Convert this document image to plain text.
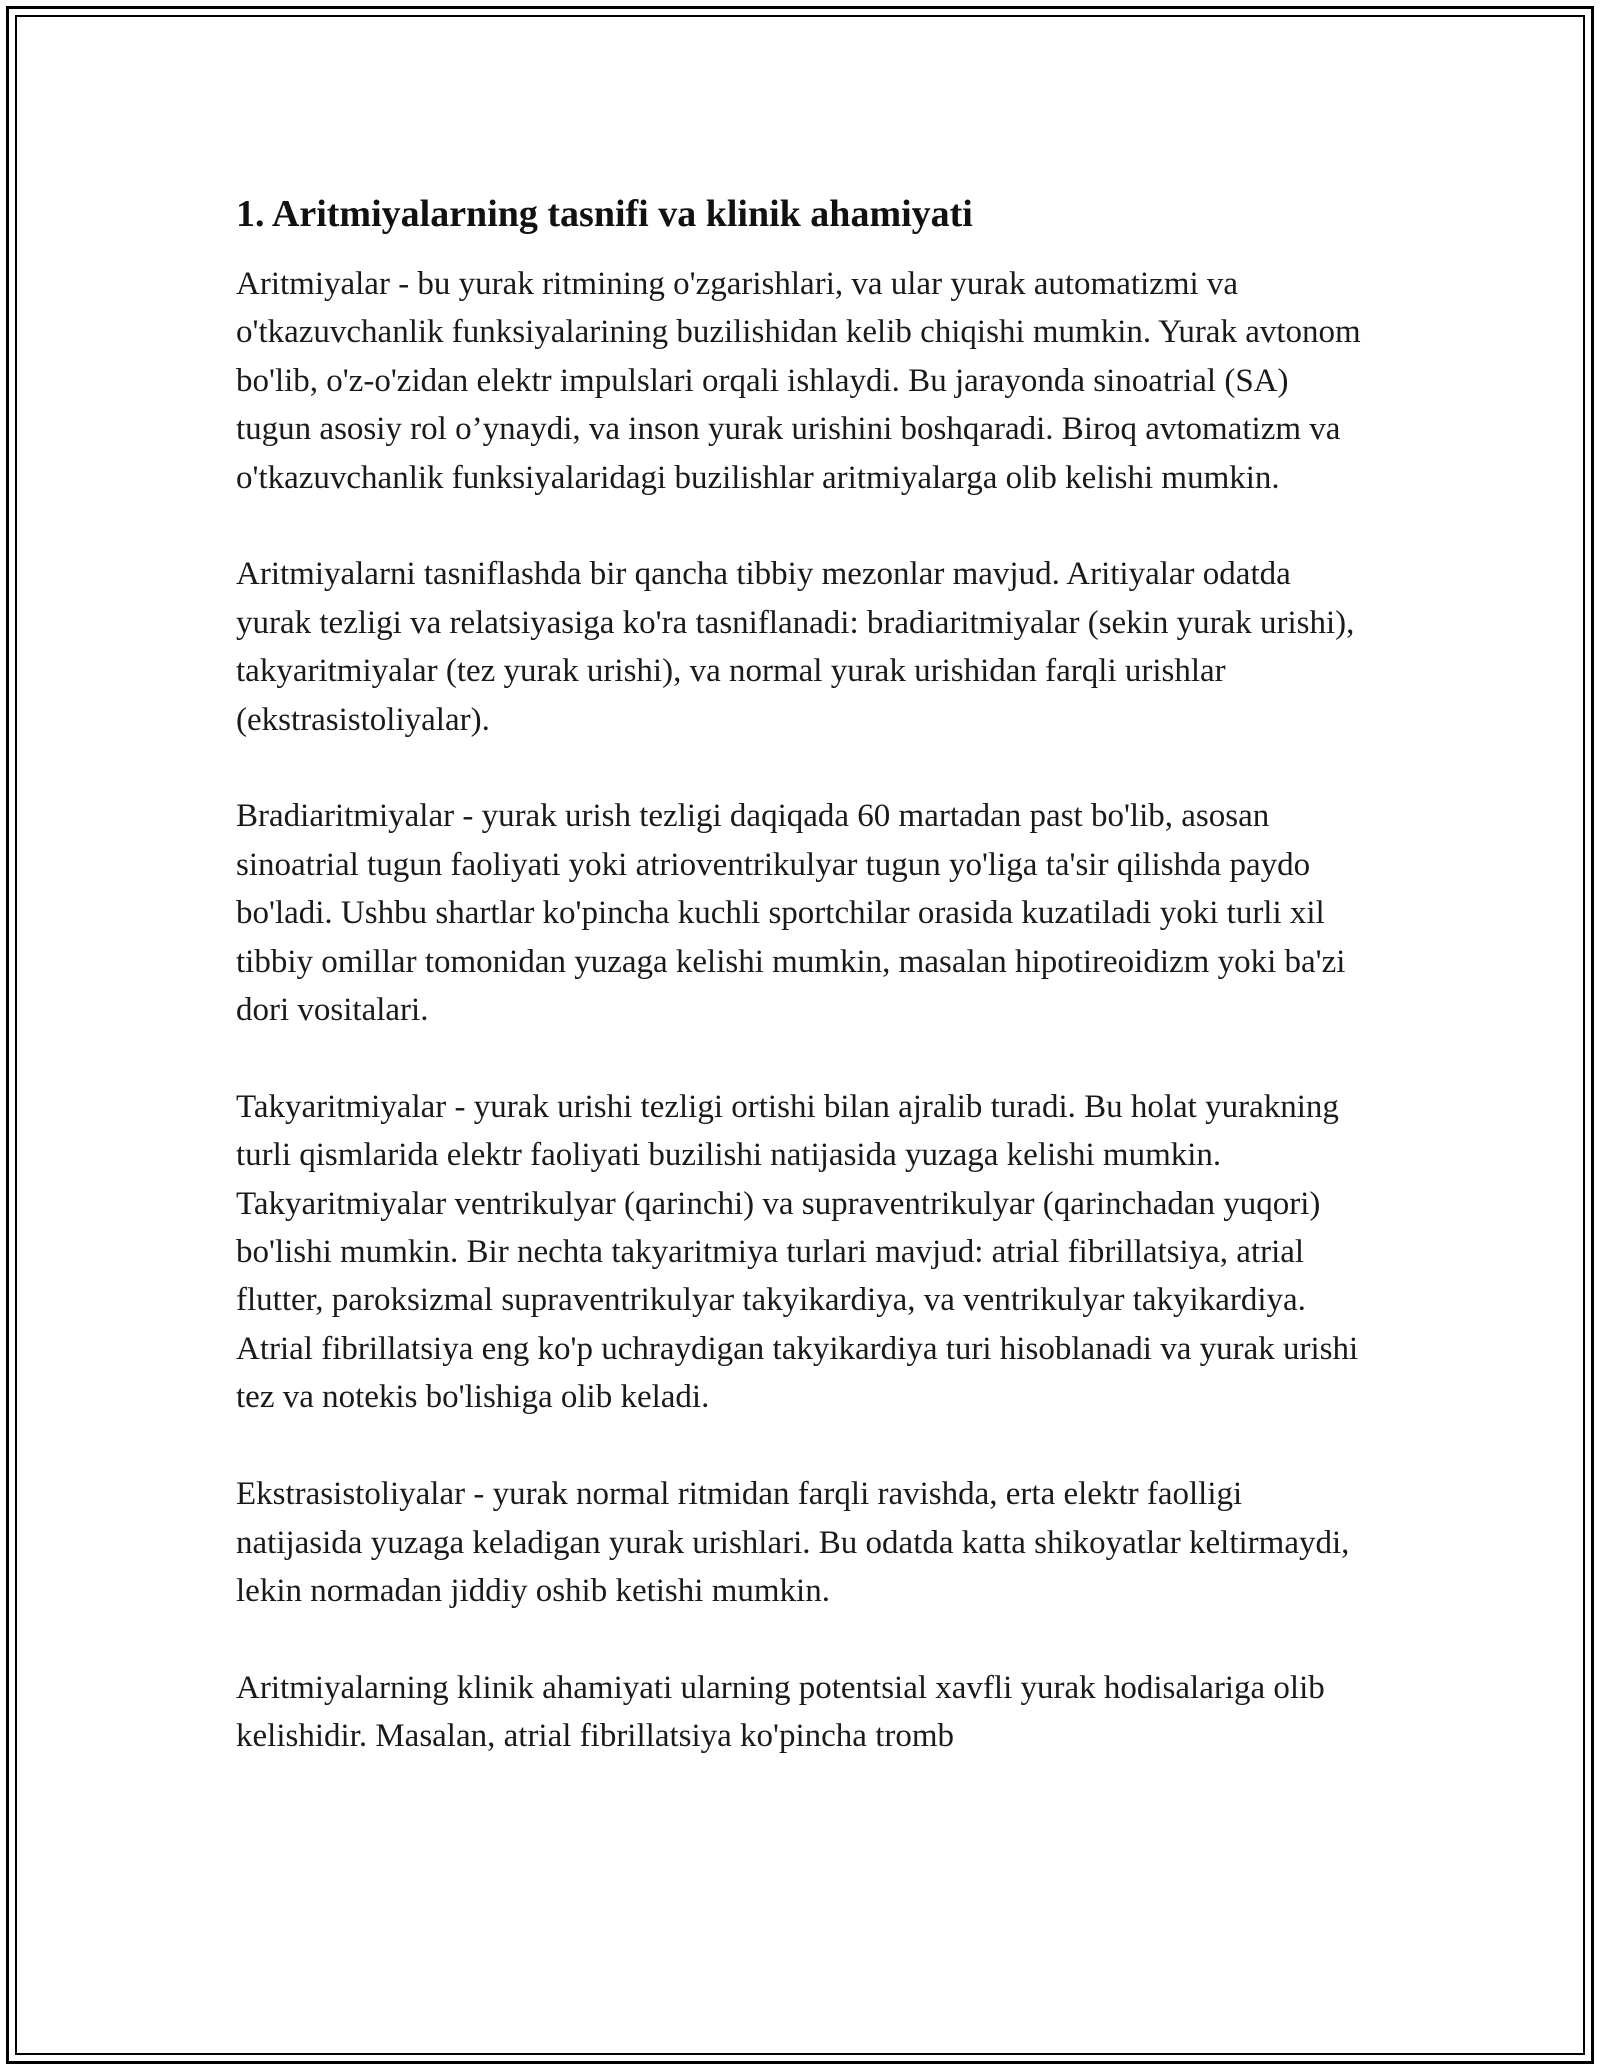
1. Aritmiyalarning tasnifi va klinik ahamiyati

Aritmiyalar - bu yurak ritmining o'zgarishlari, va ular yurak automatizmi va o'tkazuvchanlik funksiyalarining buzilishidan kelib chiqishi mumkin. Yurak avtonom bo'lib, o'z-o'zidan elektr impulslari orqali ishlaydi. Bu jarayonda sinoatrial (SA) tugun asosiy rol o’ynaydi, va inson yurak urishini boshqaradi. Biroq avtomatizm va o'tkazuvchanlik funksiyalaridagi buzilishlar aritmiyalarga olib kelishi mumkin.

Aritmiyalarni tasniflashda bir qancha tibbiy mezonlar mavjud. Aritiyalar odatda yurak tezligi va relatsiyasiga ko'ra tasniflanadi: bradiaritmiyalar (sekin yurak urishi), takyaritmiyalar (tez yurak urishi), va normal yurak urishidan farqli urishlar (ekstrasistoliyalar).

Bradiaritmiyalar - yurak urish tezligi daqiqada 60 martadan past bo'lib, asosan sinoatrial tugun faoliyati yoki atrioventrikulyar tugun yo'liga ta'sir qilishda paydo bo'ladi. Ushbu shartlar ko'pincha kuchli sportchilar orasida kuzatiladi yoki turli xil tibbiy omillar tomonidan yuzaga kelishi mumkin, masalan hipotireoidizm yoki ba'zi dori vositalari.

Takyaritmiyalar - yurak urishi tezligi ortishi bilan ajralib turadi. Bu holat yurakning turli qismlarida elektr faoliyati buzilishi natijasida yuzaga kelishi mumkin. Takyaritmiyalar ventrikulyar (qarinchi) va supraventrikulyar (qarinchadan yuqori) bo'lishi mumkin. Bir nechta takyaritmiya turlari mavjud: atrial fibrillatsiya, atrial flutter, paroksizmal supraventrikulyar takyikardiya, va ventrikulyar takyikardiya. Atrial fibrillatsiya eng ko'p uchraydigan takyikardiya turi hisoblanadi va yurak urishi tez va notekis bo'lishiga olib keladi.

Ekstrasistoliyalar - yurak normal ritmidan farqli ravishda, erta elektr faolligi natijasida yuzaga keladigan yurak urishlari. Bu odatda katta shikoyatlar keltirmaydi, lekin normadan jiddiy oshib ketishi mumkin.

Aritmiyalarning klinik ahamiyati ularning potentsial xavfli yurak hodisalariga olib kelishidir. Masalan, atrial fibrillatsiya ko'pincha tromb
